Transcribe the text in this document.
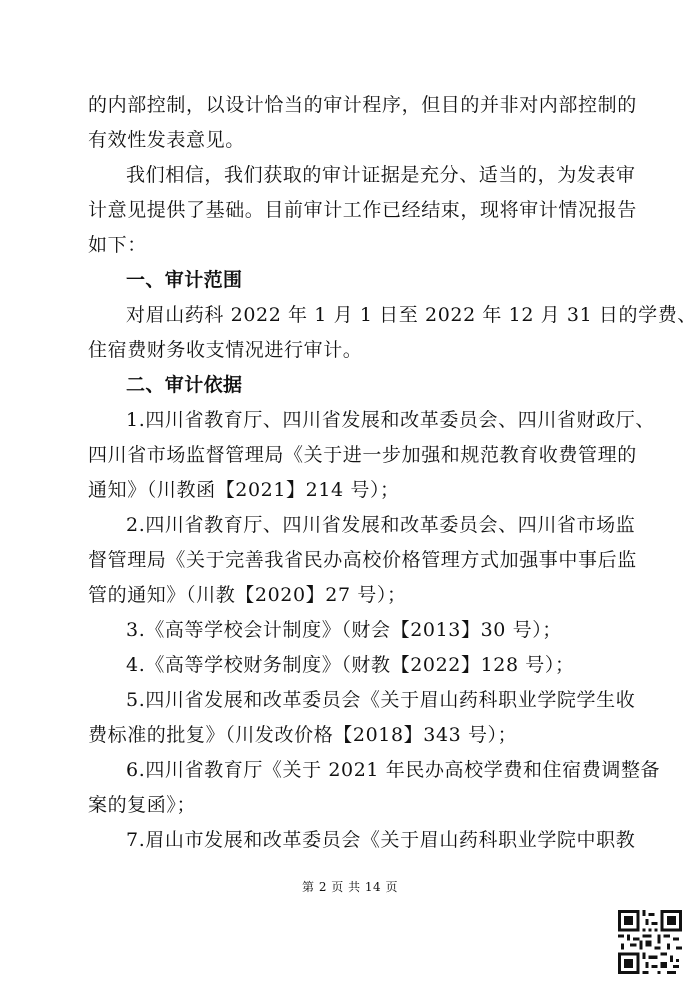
的内部控制，以设计恰当的审计程序，但目的并非对内部控制的
有效性发表意见。
我们相信，我们获取的审计证据是充分、适当的，为发表审
计意见提供了基础。目前审计工作已经结束，现将审计情况报告
如下：
一、审计范围
对眉山药科 2022 年 1 月 1 日至 2022 年 12 月 31 日的学费、
住宿费财务收支情况进行审计。
二、审计依据
1.四川省教育厅、四川省发展和改革委员会、四川省财政厅、
四川省市场监督管理局《关于进一步加强和规范教育收费管理的
通知》（川教函【2021】214 号）；
2.四川省教育厅、四川省发展和改革委员会、四川省市场监
督管理局《关于完善我省民办高校价格管理方式加强事中事后监
管的通知》（川教【2020】27 号）；
3.《高等学校会计制度》（财会【2013】30 号）；
4.《高等学校财务制度》（财教【2022】128 号）；
5.四川省发展和改革委员会《关于眉山药科职业学院学生收
费标准的批复》（川发改价格【2018】343 号）；
6.四川省教育厅《关于 2021 年民办高校学费和住宿费调整备
案的复函》；
7.眉山市发展和改革委员会《关于眉山药科职业学院中职教
第 2 页 共 14 页
